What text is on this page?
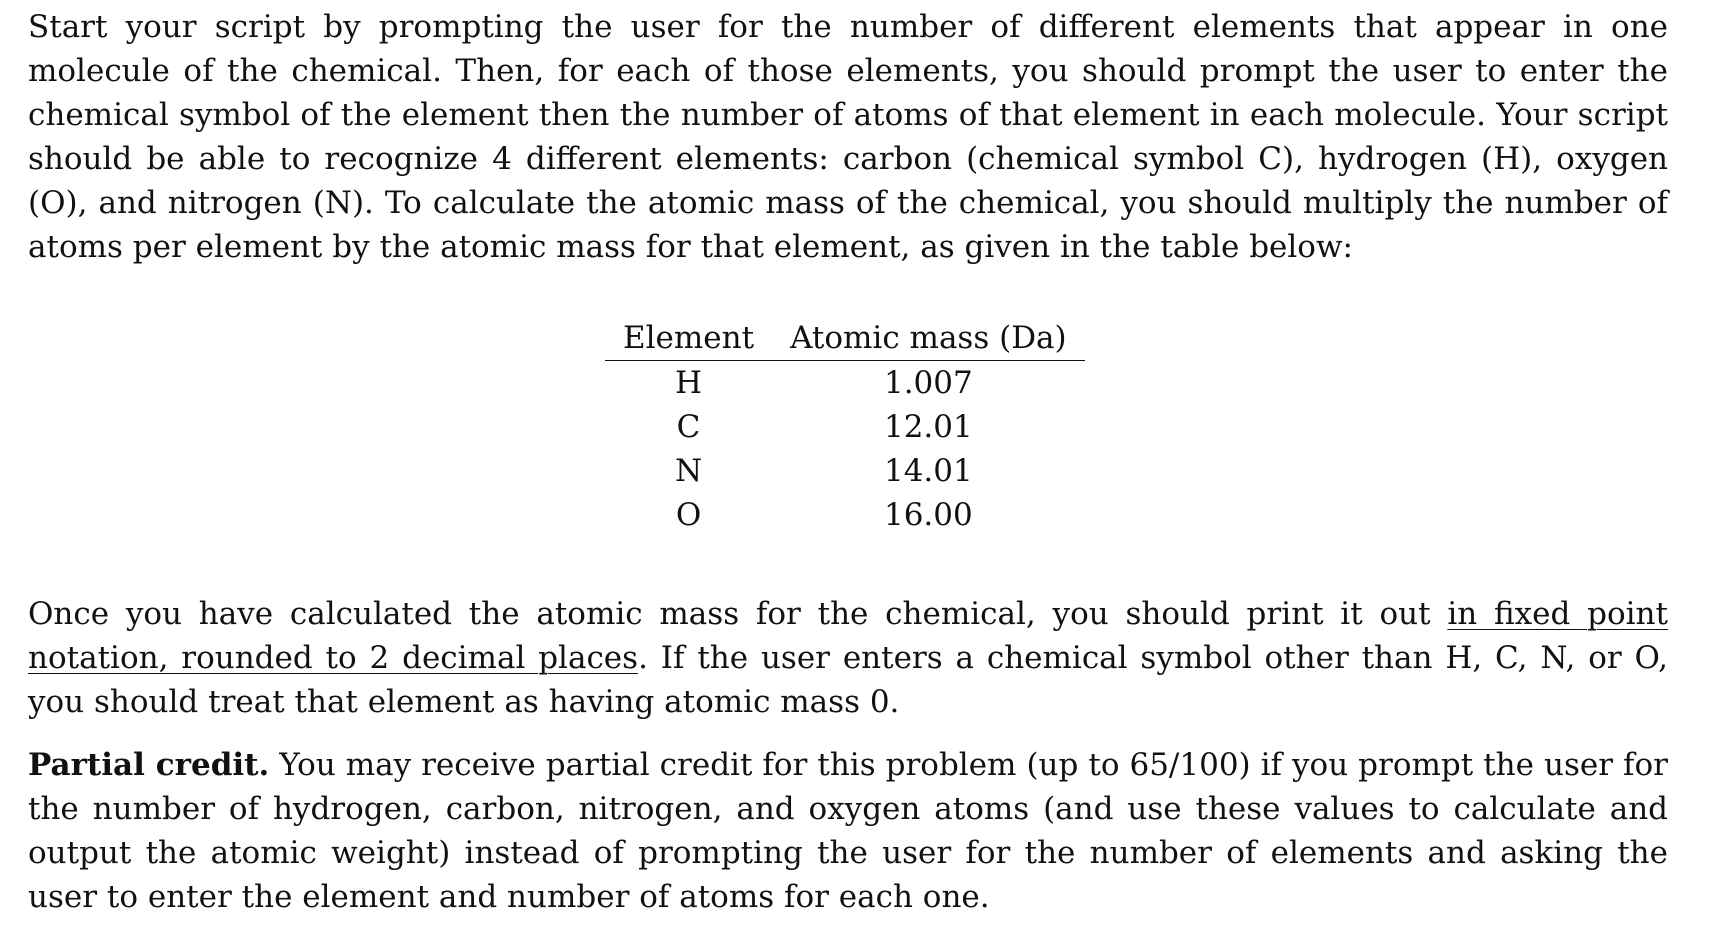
Start your script by prompting the user for the number of different elements that appear in one molecule of the chemical. Then, for each of those elements, you should prompt the user to enter the chemical symbol of the element then the number of atoms of that element in each molecule. Your script should be able to recognize 4 different elements: carbon (chemical symbol C), hydrogen (H), oxygen (O), and nitrogen (N). To calculate the atomic mass of the chemical, you should multiply the number of atoms per element by the atomic mass for that element, as given in the table below:

Element	Atomic mass (Da)
H	1.007
C	12.01
N	14.01
O	16.00

Once you have calculated the atomic mass for the chemical, you should print it out in fixed point notation, rounded to 2 decimal places. If the user enters a chemical symbol other than H, C, N, or O, you should treat that element as having atomic mass 0.

Partial credit. You may receive partial credit for this problem (up to 65/100) if you prompt the user for the number of hydrogen, carbon, nitrogen, and oxygen atoms (and use these values to calculate and output the atomic weight) instead of prompting the user for the number of elements and asking the user to enter the element and number of atoms for each one.
